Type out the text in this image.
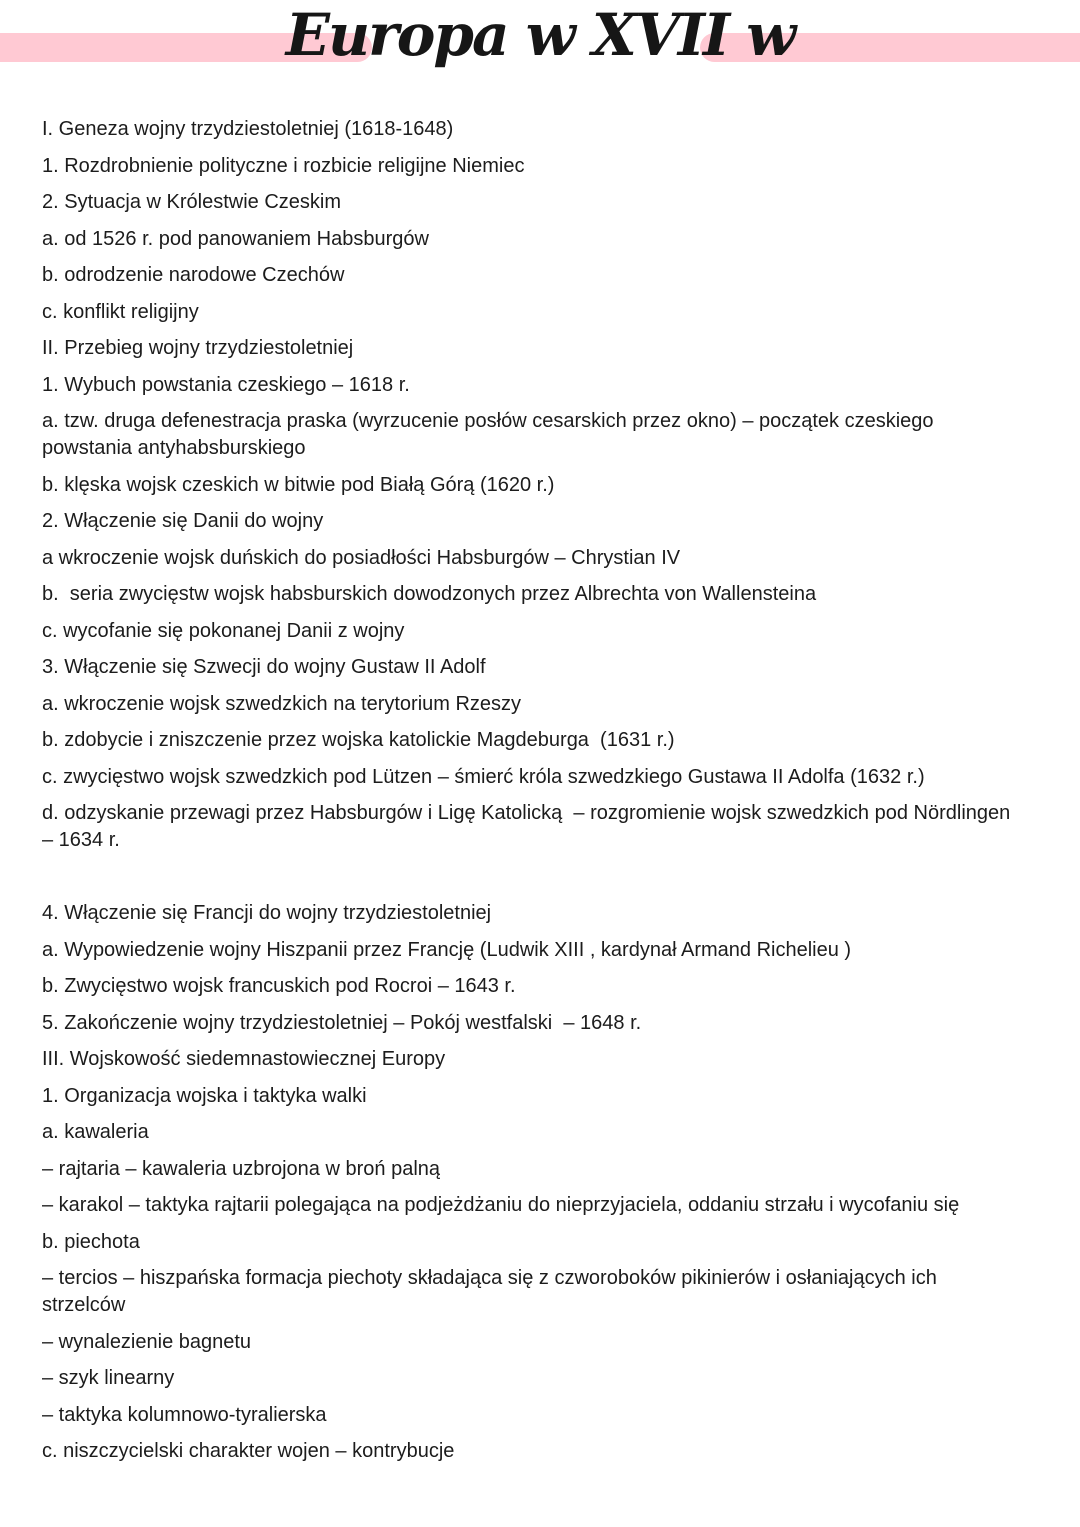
Europa w XVII w

I. Geneza wojny trzydziestoletniej (1618-1648)

1. Rozdrobnienie polityczne i rozbicie religijne Niemiec

2. Sytuacja w Królestwie Czeskim

a. od 1526 r. pod panowaniem Habsburgów

b. odrodzenie narodowe Czechów

c. konflikt religijny

II. Przebieg wojny trzydziestoletniej

1. Wybuch powstania czeskiego – 1618 r.

a. tzw. druga defenestracja praska (wyrzucenie posłów cesarskich przez okno) – początek czeskiego powstania antyhabsburskiego

b. klęska wojsk czeskich w bitwie pod Białą Górą (1620 r.)

2. Włączenie się Danii do wojny

a wkroczenie wojsk duńskich do posiadłości Habsburgów – Chrystian IV

b.  seria zwycięstw wojsk habsburskich dowodzonych przez Albrechta von Wallensteina

c. wycofanie się pokonanej Danii z wojny

3. Włączenie się Szwecji do wojny Gustaw II Adolf

a. wkroczenie wojsk szwedzkich na terytorium Rzeszy

b. zdobycie i zniszczenie przez wojska katolickie Magdeburga  (1631 r.)

c. zwycięstwo wojsk szwedzkich pod Lützen – śmierć króla szwedzkiego Gustawa II Adolfa (1632 r.)

d. odzyskanie przewagi przez Habsburgów i Ligę Katolicką  – rozgromienie wojsk szwedzkich pod Nördlingen – 1634 r.

4. Włączenie się Francji do wojny trzydziestoletniej

a. Wypowiedzenie wojny Hiszpanii przez Francję (Ludwik XIII , kardynał Armand Richelieu )

b. Zwycięstwo wojsk francuskich pod Rocroi – 1643 r.

5. Zakończenie wojny trzydziestoletniej – Pokój westfalski  – 1648 r.

III. Wojskowość siedemnastowiecznej Europy

1. Organizacja wojska i taktyka walki

a. kawaleria

– rajtaria – kawaleria uzbrojona w broń palną

– karakol – taktyka rajtarii polegająca na podjeżdżaniu do nieprzyjaciela, oddaniu strzału i wycofaniu się

b. piechota

– tercios – hiszpańska formacja piechoty składająca się z czworoboków pikinierów i osłaniających ich strzelców

– wynalezienie bagnetu

– szyk linearny

– taktyka kolumnowo-tyralierska

c. niszczycielski charakter wojen – kontrybucje
